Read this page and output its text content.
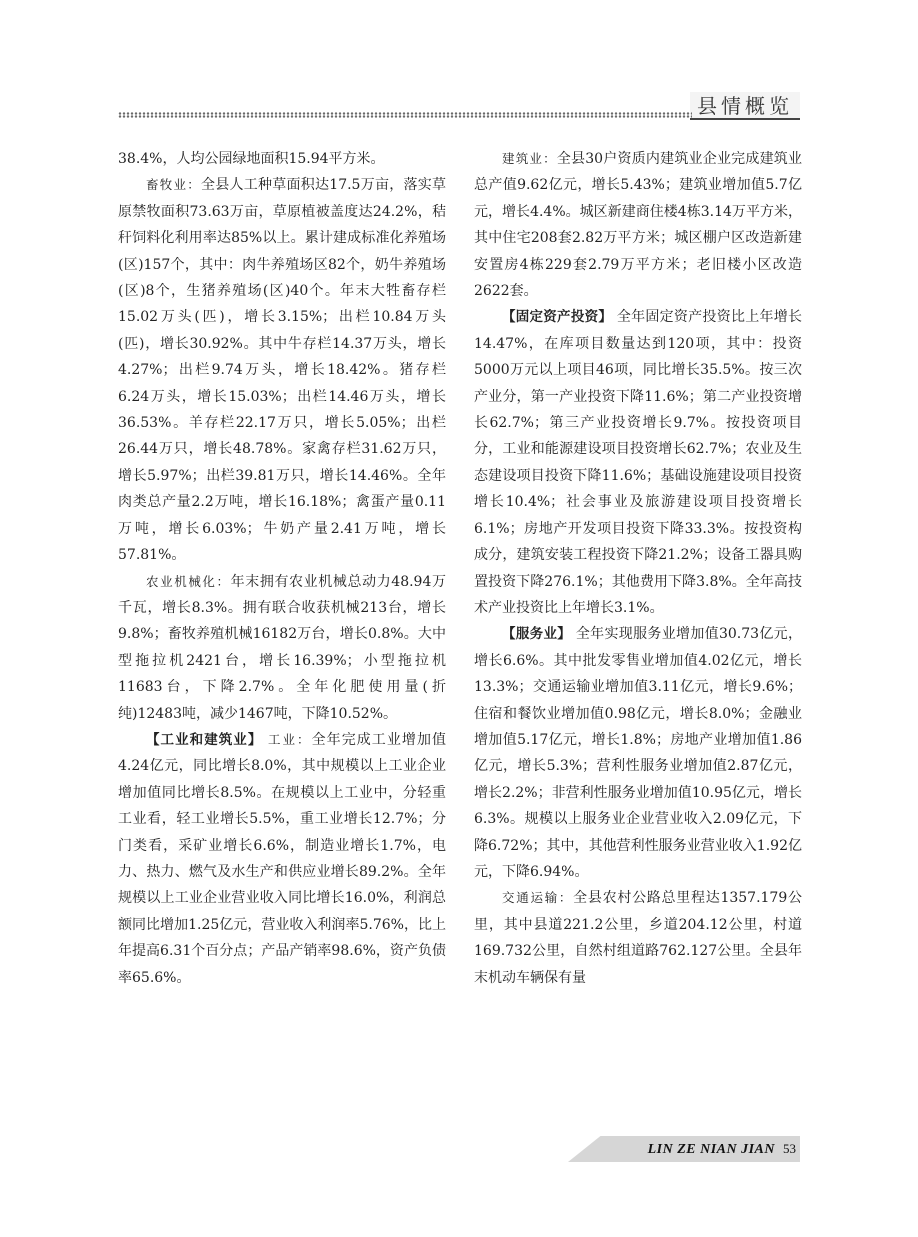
县情概览

38.4%，人均公园绿地面积15.94平方米。

畜牧业：全县人工种草面积达17.5万亩，落实草原禁牧面积73.63万亩，草原植被盖度达24.2%，秸秆饲料化利用率达85%以上。累计建成标准化养殖场(区)157个，其中：肉牛养殖场区82个，奶牛养殖场(区)8个，生猪养殖场(区)40个。年末大牲畜存栏15.02万头(匹)，增长3.15%；出栏10.84万头(匹)，增长30.92%。其中牛存栏14.37万头，增长4.27%；出栏9.74万头，增长18.42%。猪存栏6.24万头，增长15.03%；出栏14.46万头，增长36.53%。羊存栏22.17万只，增长5.05%；出栏26.44万只，增长48.78%。家禽存栏31.62万只，增长5.97%；出栏39.81万只，增长14.46%。全年肉类总产量2.2万吨，增长16.18%；禽蛋产量0.11万吨，增长6.03%；牛奶产量2.41万吨，增长57.81%。

农业机械化：年末拥有农业机械总动力48.94万千瓦，增长8.3%。拥有联合收获机械213台，增长9.8%；畜牧养殖机械16182万台，增长0.8%。大中型拖拉机2421台，增长16.39%；小型拖拉机11683台，下降2.7%。全年化肥使用量(折纯)12483吨，减少1467吨，下降10.52%。

【工业和建筑业】 工业：全年完成工业增加值4.24亿元，同比增长8.0%，其中规模以上工业企业增加值同比增长8.5%。在规模以上工业中，分轻重工业看，轻工业增长5.5%，重工业增长12.7%；分门类看，采矿业增长6.6%，制造业增长1.7%，电力、热力、燃气及水生产和供应业增长89.2%。全年规模以上工业企业营业收入同比增长16.0%，利润总额同比增加1.25亿元，营业收入利润率5.76%，比上年提高6.31个百分点；产品产销率98.6%，资产负债率65.6%。

建筑业：全县30户资质内建筑业企业完成建筑业总产值9.62亿元，增长5.43%；建筑业增加值5.7亿元，增长4.4%。城区新建商住楼4栋3.14万平方米，其中住宅208套2.82万平方米；城区棚户区改造新建安置房4栋229套2.79万平方米；老旧楼小区改造2622套。

【固定资产投资】 全年固定资产投资比上年增长14.47%，在库项目数量达到120项，其中：投资5000万元以上项目46项，同比增长35.5%。按三次产业分，第一产业投资下降11.6%；第二产业投资增长62.7%；第三产业投资增长9.7%。按投资项目分，工业和能源建设项目投资增长62.7%；农业及生态建设项目投资下降11.6%；基础设施建设项目投资增长10.4%；社会事业及旅游建设项目投资增长6.1%；房地产开发项目投资下降33.3%。按投资构成分，建筑安装工程投资下降21.2%；设备工器具购置投资下降276.1%；其他费用下降3.8%。全年高技术产业投资比上年增长3.1%。

【服务业】 全年实现服务业增加值30.73亿元，增长6.6%。其中批发零售业增加值4.02亿元，增长13.3%；交通运输业增加值3.11亿元，增长9.6%；住宿和餐饮业增加值0.98亿元，增长8.0%；金融业增加值5.17亿元，增长1.8%；房地产业增加值1.86亿元，增长5.3%；营利性服务业增加值2.87亿元，增长2.2%；非营利性服务业增加值10.95亿元，增长6.3%。规模以上服务业企业营业收入2.09亿元，下降6.72%；其中，其他营利性服务业营业收入1.92亿元，下降6.94%。

交通运输：全县农村公路总里程达1357.179公里，其中县道221.2公里，乡道204.12公里，村道169.732公里，自然村组道路762.127公里。全县年末机动车辆保有量

LIN ZE NIAN JIAN 53
